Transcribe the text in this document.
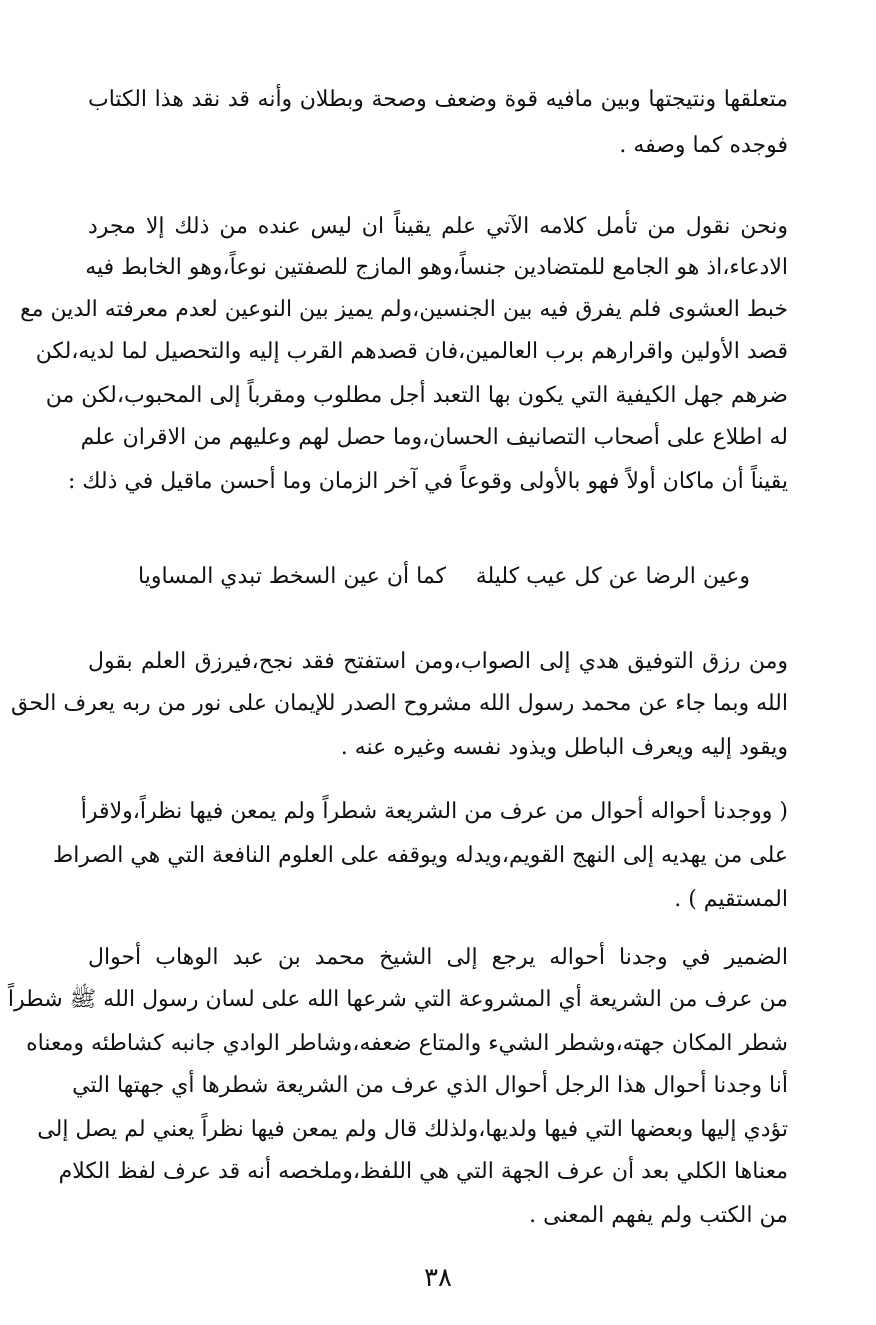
متعلقها ونتيجتها وبين مافيه قوة وضعف وصحة وبطلان وأنه قد نقد هذا الكتاب
فوجده كما وصفه .
ونحن نقول من تأمل كلامه الآتي علم يقيناً ان ليس عنده من ذلك إلا مجرد
الادعاء،اذ هو الجامع للمتضادين جنساً،وهو المازج للصفتين نوعاً،وهو الخابط فيه
خبط العشوى فلم يفرق فيه بين الجنسين،ولم يميز بين النوعين لعدم معرفته الدين مع
قصد الأولين واقرارهم برب العالمين،فان قصدهم القرب إليه والتحصيل لما لديه،لكن
ضرهم جهل الكيفية التي يكون بها التعبد أجل مطلوب ومقرباً إلى المحبوب،لكن من
له اطلاع على أصحاب التصانيف الحسان،وما حصل لهم وعليهم من الاقران علم
يقيناً أن ماكان أولاً فهو بالأولى وقوعاً في آخر الزمان وما أحسن ماقيل في ذلك :
وعين الرضا عن كل عيب كليلة
كما أن عين السخط تبدي المساويا
ومن رزق التوفيق هدي إلى الصواب،ومن استفتح فقد نجح،فيرزق العلم بقول
الله وبما جاء عن محمد رسول الله مشروح الصدر للإيمان على نور من ربه يعرف الحق
ويقود إليه ويعرف الباطل ويذود نفسه وغيره عنه .
( ووجدنا أحواله أحوال من عرف من الشريعة شطراً ولم يمعن فيها نظراً،ولاقرأ
على من يهديه إلى النهج القويم،ويدله ويوقفه على العلوم النافعة التي هي الصراط
المستقيم ) .
الضمير في وجدنا أحواله يرجع إلى الشيخ محمد بن عبد الوهاب أحوال
من عرف من الشريعة أي المشروعة التي شرعها الله على لسان رسول الله ﷺ شطراً
شطر المكان جهته،وشطر الشيء والمتاع ضعفه،وشاطر الوادي جانبه كشاطئه ومعناه
أنا وجدنا أحوال هذا الرجل أحوال الذي عرف من الشريعة شطرها أي جهتها التي
تؤدي إليها وبعضها التي فيها ولديها،ولذلك قال ولم يمعن فيها نظراً يعني لم يصل إلى
معناها الكلي بعد أن عرف الجهة التي هي اللفظ،وملخصه أنه قد عرف لفظ الكلام
من الكتب ولم يفهم المعنى .
٣٨
